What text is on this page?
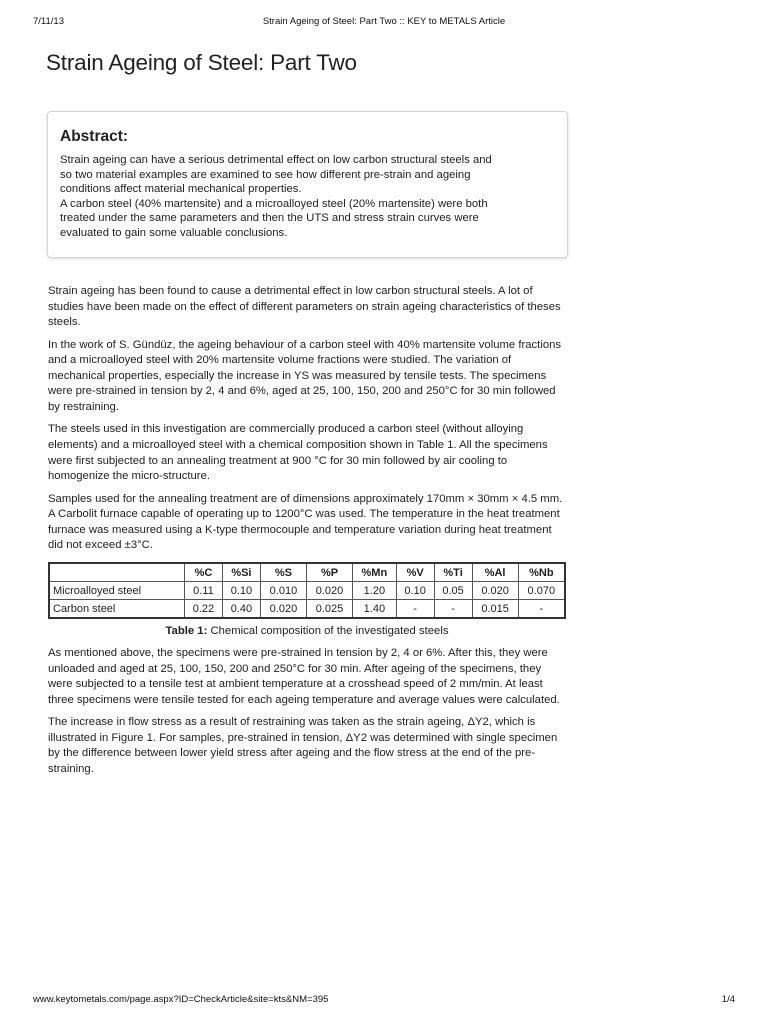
7/11/13	Strain Ageing of Steel: Part Two :: KEY to METALS Article
Strain Ageing of Steel: Part Two
Abstract:

Strain ageing can have a serious detrimental effect on low carbon structural steels and
so two material examples are examined to see how different pre-strain and ageing
conditions affect material mechanical properties.
A carbon steel (40% martensite) and a microalloyed steel (20% martensite) were both
treated under the same parameters and then the UTS and stress strain curves were
evaluated to gain some valuable conclusions.

Strain ageing has been found to cause a detrimental effect in low carbon structural steels. A lot of studies have been made on the effect of different parameters on strain ageing characteristics of theses steels.

In the work of S. Gündüz, the ageing behaviour of a carbon steel with 40% martensite volume fractions and a microalloyed steel with 20% martensite volume fractions were studied. The variation of mechanical properties, especially the increase in YS was measured by tensile tests. The specimens were pre-strained in tension by 2, 4 and 6%, aged at 25, 100, 150, 200 and 250°C for 30 min followed by restraining.

The steels used in this investigation are commercially produced a carbon steel (without alloying elements) and a microalloyed steel with a chemical composition shown in Table 1. All the specimens were first subjected to an annealing treatment at 900 °C for 30 min followed by air cooling to homogenize the micro-structure.

Samples used for the annealing treatment are of dimensions approximately 170mm × 30mm × 4.5 mm. A Carbolit furnace capable of operating up to 1200°C was used. The temperature in the heat treatment furnace was measured using a K-type thermocouple and temperature variation during heat treatment did not exceed ±3°C.

	%C	%Si	%S	%P	%Mn	%V	%Ti	%Al	%Nb
Microalloyed steel	0.11	0.10	0.010	0.020	1.20	0.10	0.05	0.020	0.070
Carbon steel	0.22	0.40	0.020	0.025	1.40	-	-	0.015	-
Table 1: Chemical composition of the investigated steels

As mentioned above, the specimens were pre-strained in tension by 2, 4 or 6%. After this, they were unloaded and aged at 25, 100, 150, 200 and 250°C for 30 min. After ageing of the specimens, they were subjected to a tensile test at ambient temperature at a crosshead speed of 2 mm/min. At least three specimens were tensile tested for each ageing temperature and average values were calculated.

The increase in flow stress as a result of restraining was taken as the strain ageing, ΔY2, which is illustrated in Figure 1. For samples, pre-strained in tension, ΔY2 was determined with single specimen by the difference between lower yield stress after ageing and the flow stress at the end of the pre-straining.

www.keytometals.com/page.aspx?ID=CheckArticle&site=kts&NM=395	1/4
